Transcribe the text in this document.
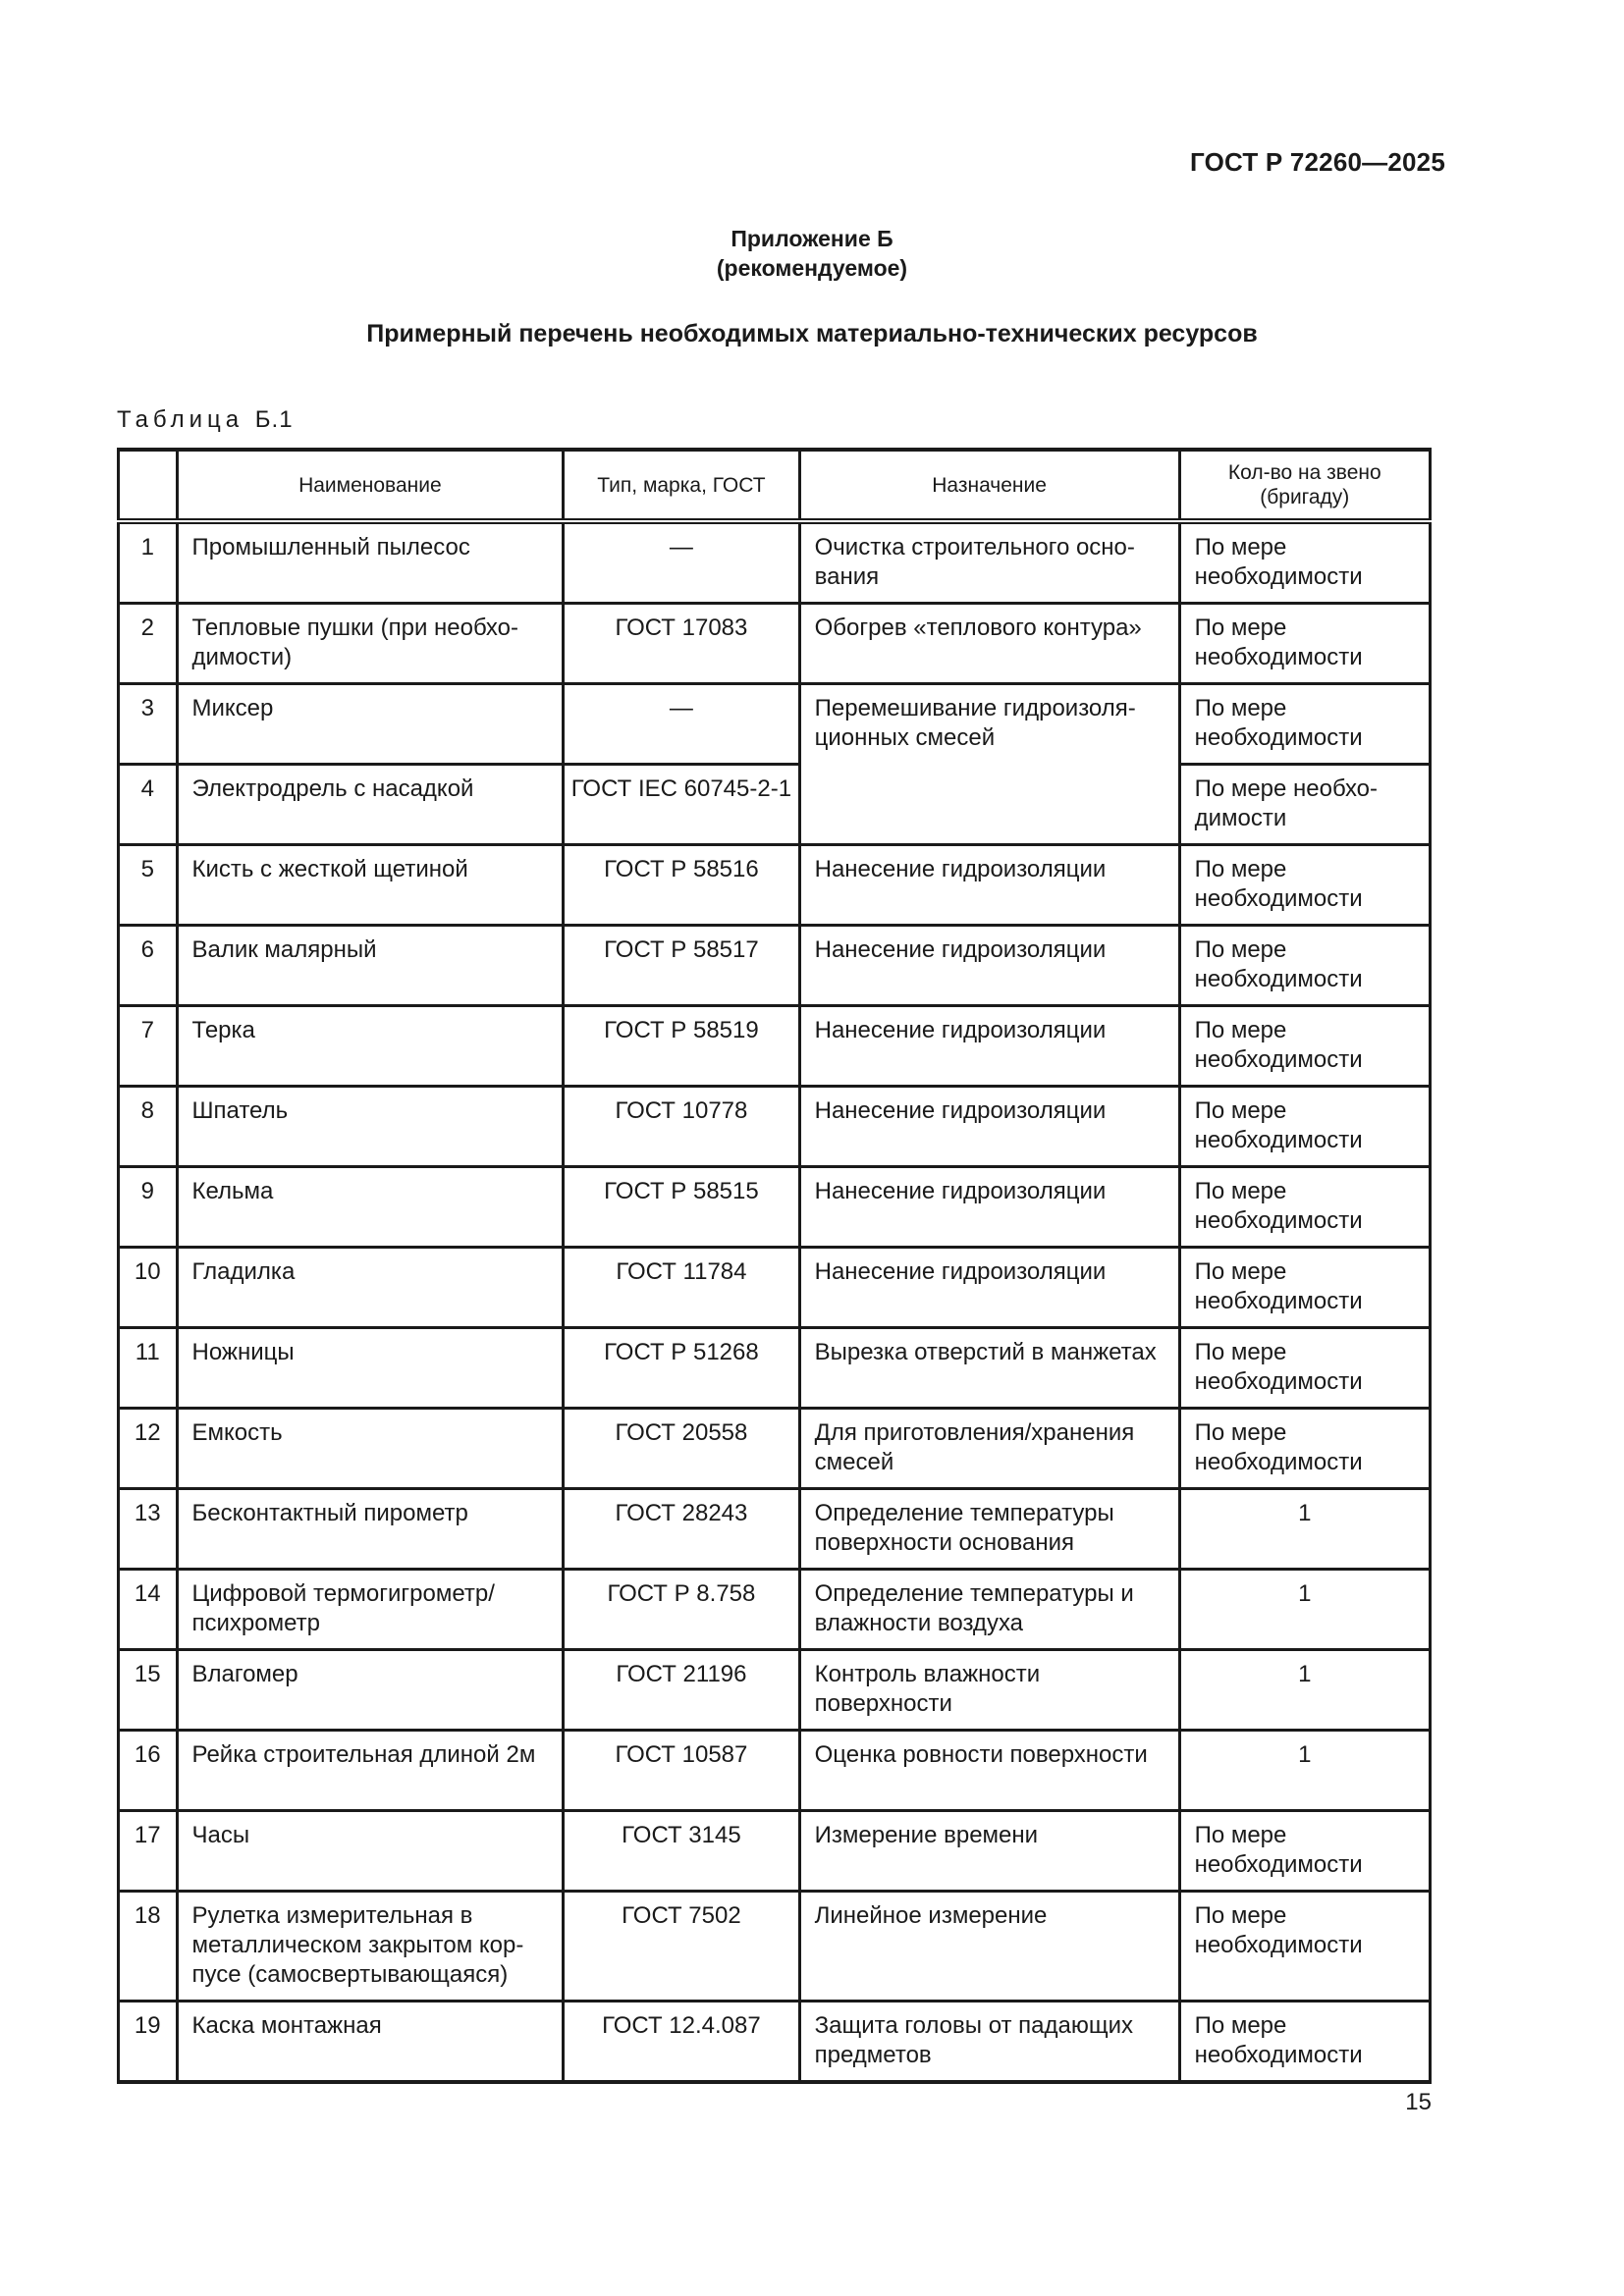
ГОСТ Р 72260—2025
Приложение Б
(рекомендуемое)
Примерный перечень необходимых материально-технических ресурсов
Таблица Б.1
	Наименование	Тип, марка, ГОСТ	Назначение	Кол-во на звено
(бригаду)

1	Промышленный пылесос	—	Очистка строительного осно-вания	По мере необходимости
2	Тепловые пушки (при необхо-димости)	ГОСТ 17083	Обогрев «теплового контура»	По мере необходимости
3	Миксер	—	Перемешивание гидроизоля-ционных смесей	По мере необходимости
4	Электродрель с насадкой	ГОСТ IEC 60745-2-1		По мере необхо-димости
5	Кисть с жесткой щетиной	ГОСТ Р 58516	Нанесение гидроизоляции	По мере необходимости
6	Валик малярный	ГОСТ Р 58517	Нанесение гидроизоляции	По мере необходимости
7	Терка	ГОСТ Р 58519	Нанесение гидроизоляции	По мере необходимости
8	Шпатель	ГОСТ 10778	Нанесение гидроизоляции	По мере необходимости
9	Кельма	ГОСТ Р 58515	Нанесение гидроизоляции	По мере необходимости
10	Гладилка	ГОСТ 11784	Нанесение гидроизоляции	По мере необходимости
11	Ножницы	ГОСТ Р 51268	Вырезка отверстий в манжетах	По мере необходимости
12	Емкость	ГОСТ 20558	Для приготовления/хранения смесей	По мере необходимости
13	Бесконтактный пирометр	ГОСТ 28243	Определение температуры поверхности основания	1
14	Цифровой термогигрометр/ психрометр	ГОСТ Р 8.758	Определение температуры и влажности воздуха	1
15	Влагомер	ГОСТ 21196	Контроль влажности поверхности	1
16	Рейка строительная длиной 2м	ГОСТ 10587	Оценка ровности поверхности	1
17	Часы	ГОСТ 3145	Измерение времени	По мере необходимости
18	Рулетка измерительная в металлическом закрытом кор-пусе (самосвертывающаяся)	ГОСТ 7502	Линейное измерение	По мере необходимости
19	Каска монтажная	ГОСТ 12.4.087	Защита головы от падающих предметов	По мере необходимости
15
